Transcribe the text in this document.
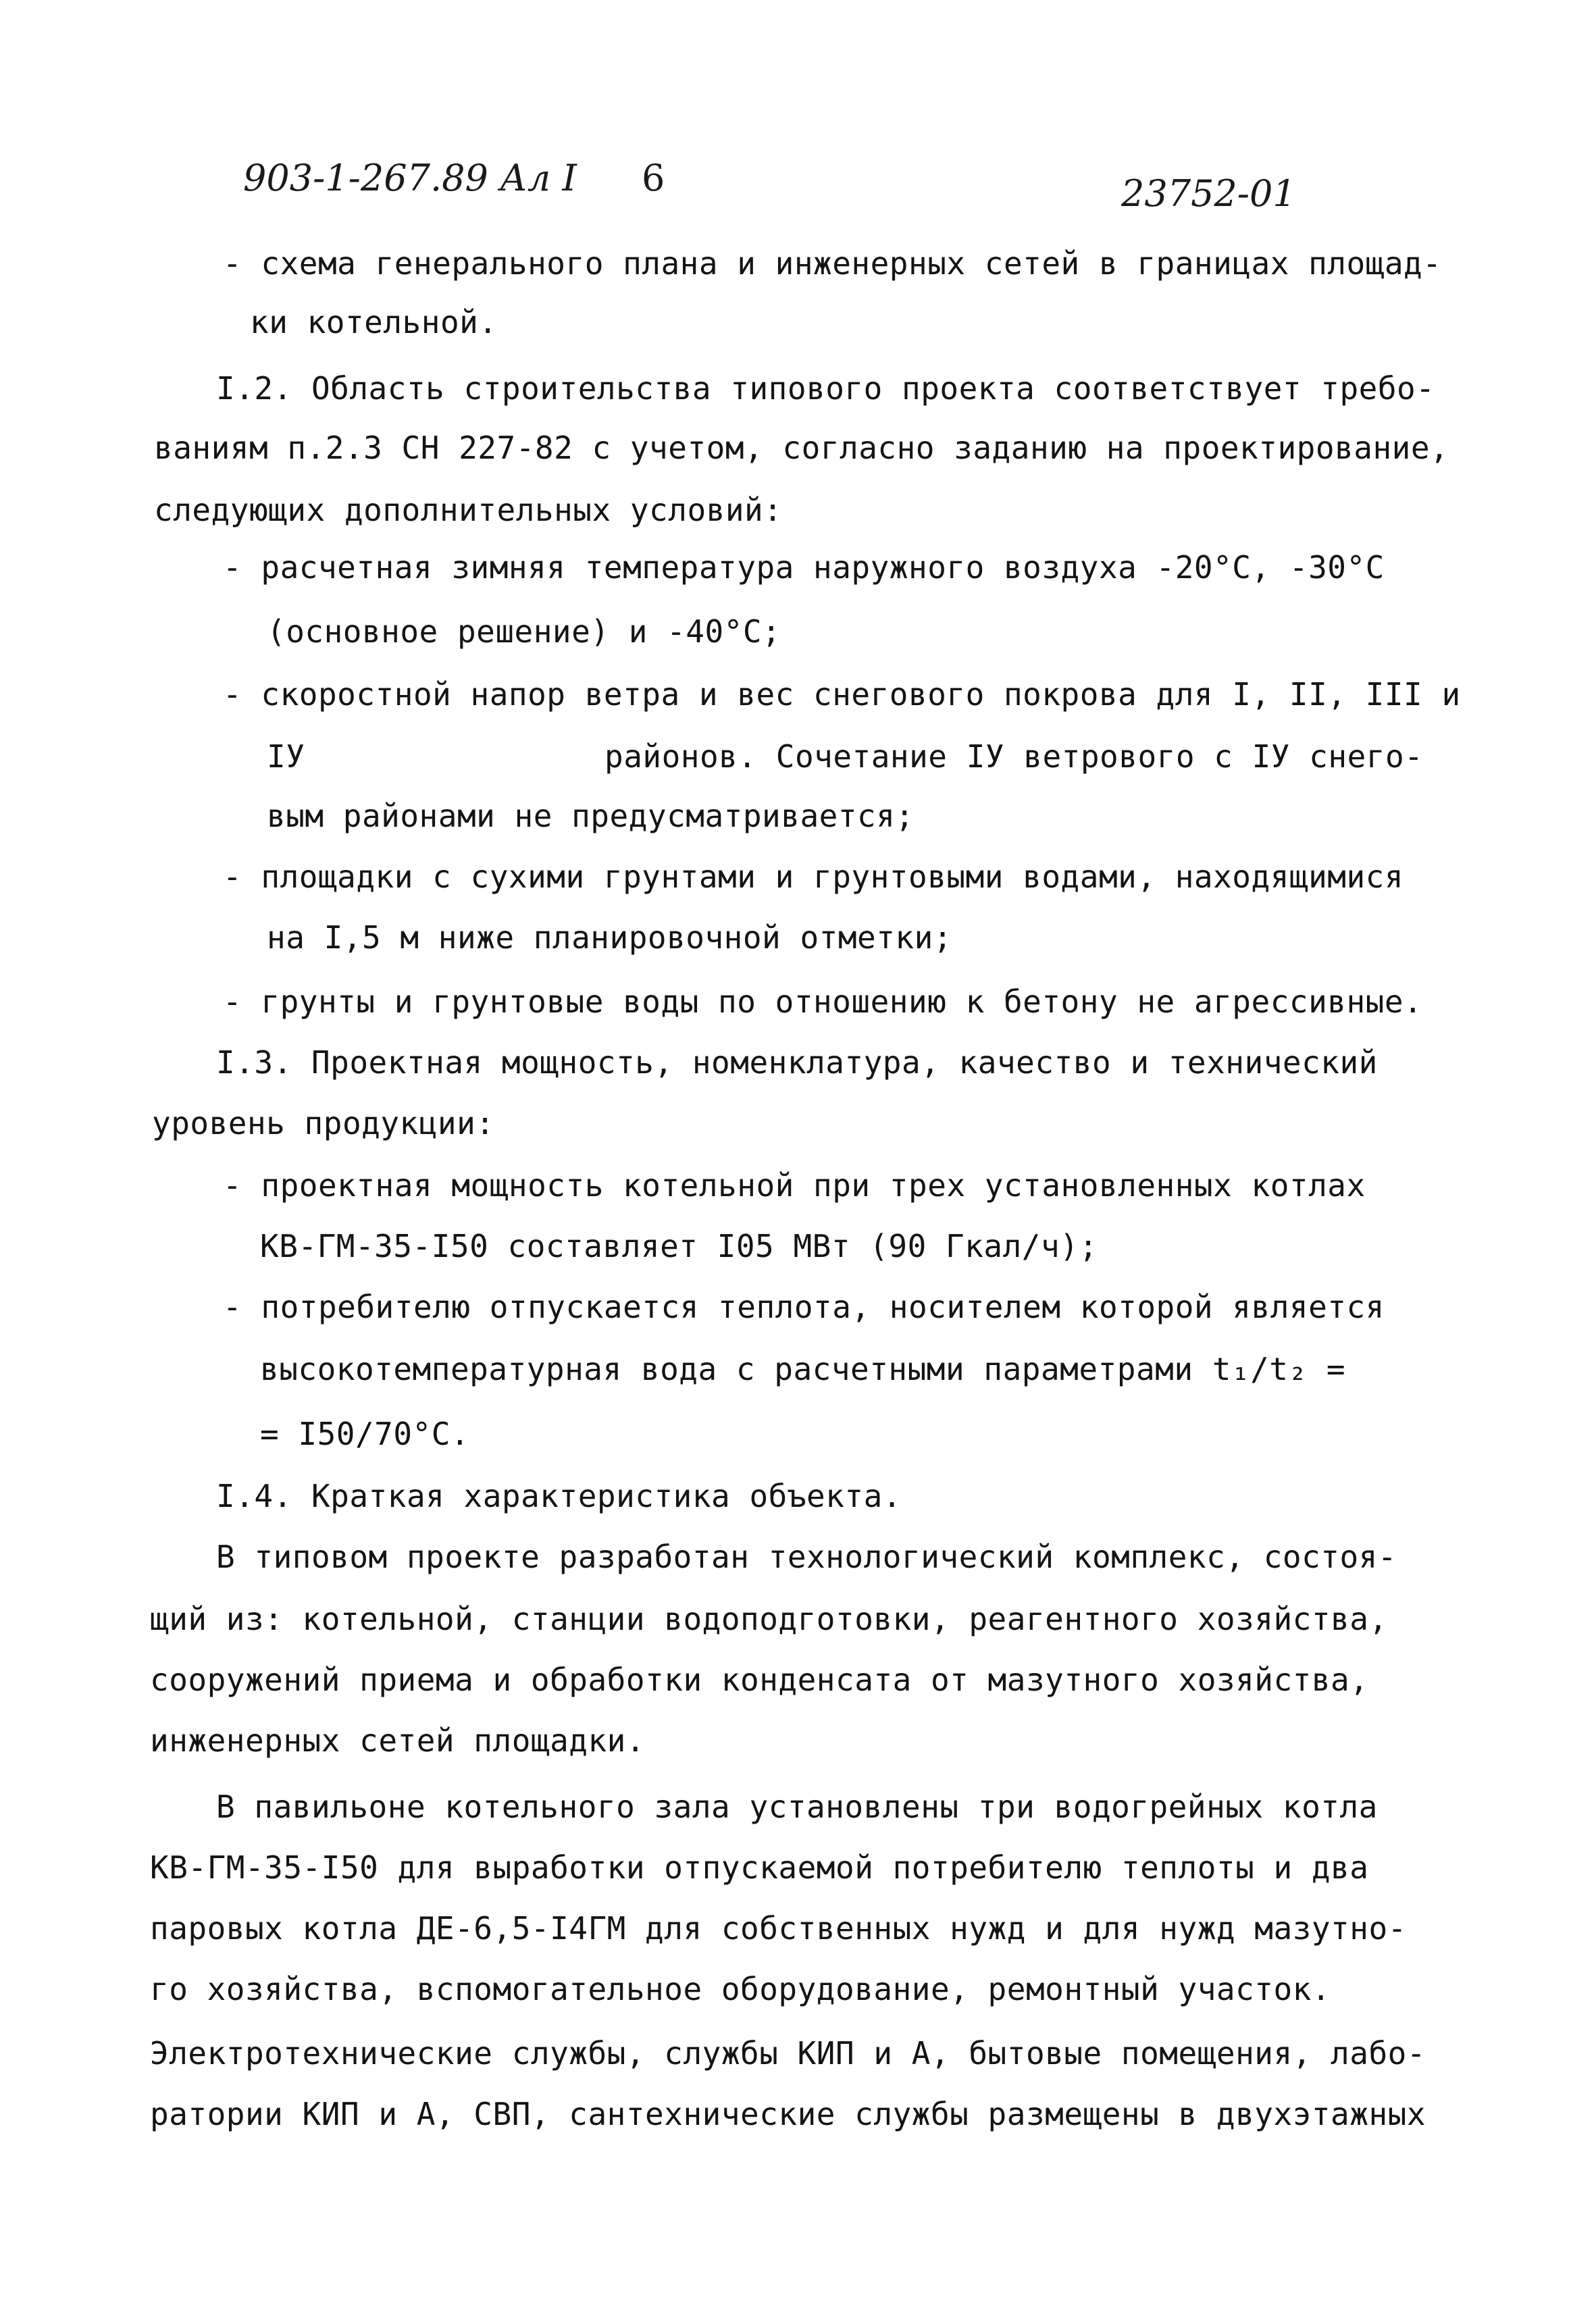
903-1-267.89 Ал І 6	23752-01
- схема генерального плана и инженерных сетей в границах площад-
ки котельной.
І.2. Область строительства типового проекта соответствует требо-
ваниям п.2.3 СН 227-82 с учетом, согласно заданию на проектирование,
следующих дополнительных условий:
- расчетная зимняя температура наружного воздуха -20°С, -30°С
(основное решение) и -40°С;
- скоростной напор ветра и вес снегового покрова для І, ІІ, ІІІ и
ІУ	районов. Сочетание ІУ ветрового с ІУ снего-
вым районами не предусматривается;
- площадки с сухими грунтами и грунтовыми водами, находящимися
на І,5 м ниже планировочной отметки;
- грунты и грунтовые воды по отношению к бетону не агрессивные.
І.3. Проектная мощность, номенклатура, качество и технический
уровень продукции:
- проектная мощность котельной при трех установленных котлах
КВ-ГМ-35-І50 составляет І05 МВт (90 Гкал/ч);
- потребителю отпускается теплота, носителем которой является
высокотемпературная вода с расчетными параметрами t₁/t₂ =
= І50/70°С.
І.4. Краткая характеристика объекта.
В типовом проекте разработан технологический комплекс, состоя-
щий из: котельной, станции водоподготовки, реагентного хозяйства,
сооружений приема и обработки конденсата от мазутного хозяйства,
инженерных сетей площадки.
В павильоне котельного зала установлены три водогрейных котла
КВ-ГМ-35-І50 для выработки отпускаемой потребителю теплоты и два
паровых котла ДЕ-6,5-І4ГМ для собственных нужд и для нужд мазутно-
го хозяйства, вспомогательное оборудование, ремонтный участок.
Электротехнические службы, службы КИП и А, бытовые помещения, лабо-
ратории КИП и А, СВП, сантехнические службы размещены в двухэтажных
